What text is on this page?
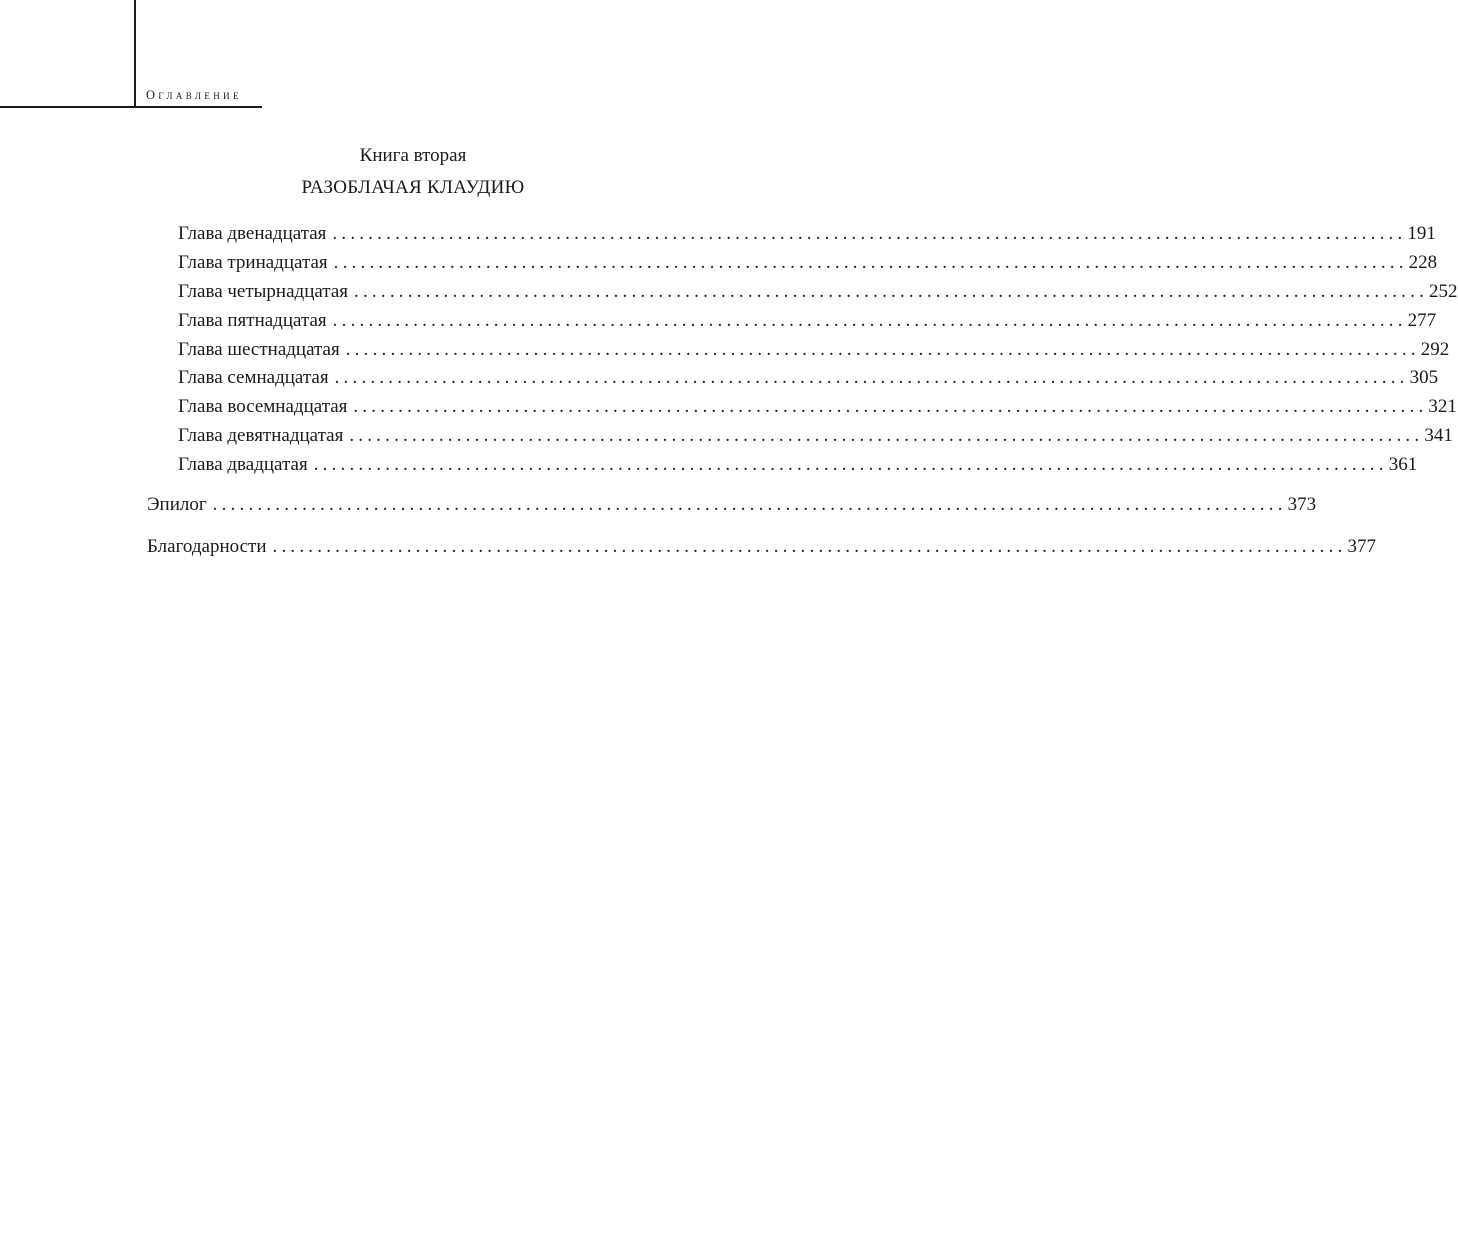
Оглавление
Книга вторая
РАЗОБЛАЧАЯ КЛАУДИЮ
Глава двенадцатая ........................................................................................................................ 191
Глава тринадцатая ........................................................................................................................ 228
Глава четырнадцатая ........................................................................................................................ 252
Глава пятнадцатая ........................................................................................................................ 277
Глава шестнадцатая ........................................................................................................................ 292
Глава семнадцатая ........................................................................................................................ 305
Глава восемнадцатая ........................................................................................................................ 321
Глава девятнадцатая ........................................................................................................................ 341
Глава двадцатая ........................................................................................................................ 361
Эпилог ........................................................................................................................ 373
Благодарности ........................................................................................................................ 377
